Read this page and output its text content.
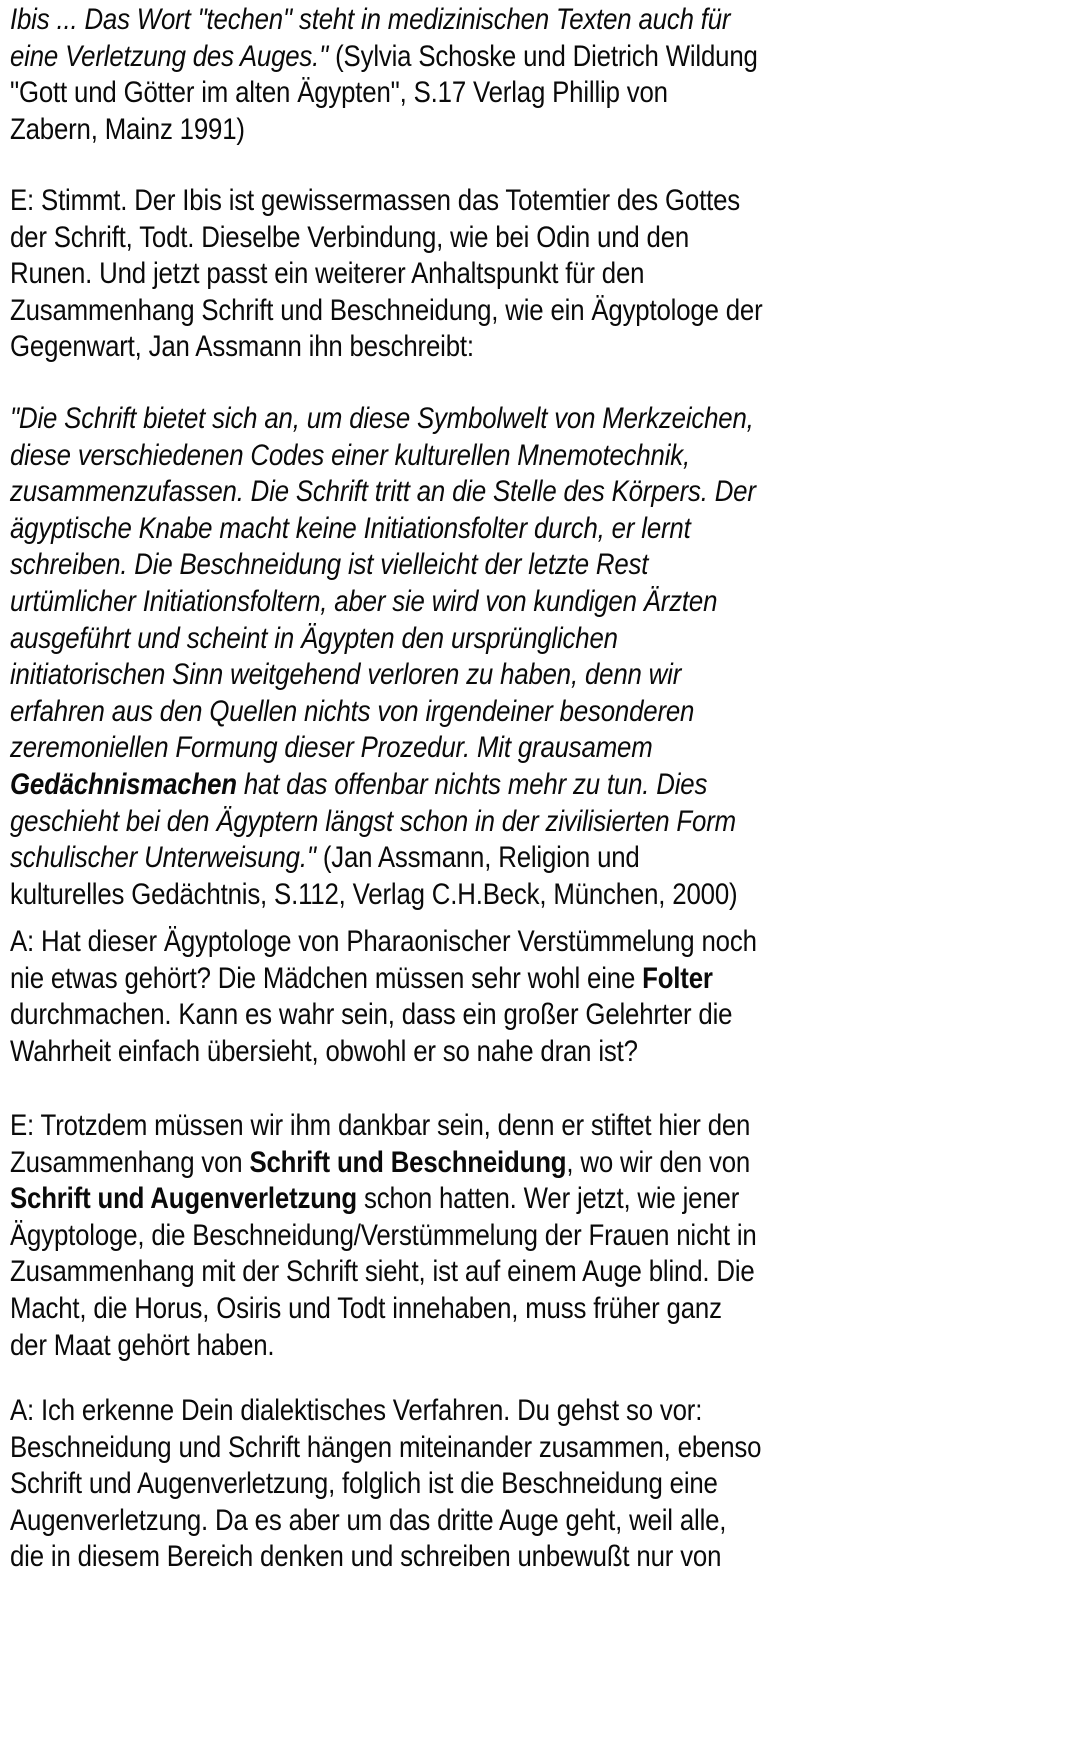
Ibis ... Das Wort "techen" steht in medizinischen Texten auch für
eine Verletzung des Auges." (Sylvia Schoske und Dietrich Wildung
"Gott und Götter im alten Ägypten", S.17 Verlag Phillip von
Zabern, Mainz 1991)
E: Stimmt. Der Ibis ist gewissermassen das Totemtier des Gottes
der Schrift, Todt. Dieselbe Verbindung, wie bei Odin und den
Runen. Und jetzt passt ein weiterer Anhaltspunkt für den
Zusammenhang Schrift und Beschneidung, wie ein Ägyptologe der
Gegenwart, Jan Assmann ihn beschreibt:
"Die Schrift bietet sich an, um diese Symbolwelt von Merkzeichen,
diese verschiedenen Codes einer kulturellen Mnemotechnik,
zusammenzufassen. Die Schrift tritt an die Stelle des Körpers. Der
ägyptische Knabe macht keine Initiationsfolter durch, er lernt
schreiben. Die Beschneidung ist vielleicht der letzte Rest
urtümlicher Initiationsfoltern, aber sie wird von kundigen Ärzten
ausgeführt und scheint in Ägypten den ursprünglichen
initiatorischen Sinn weitgehend verloren zu haben, denn wir
erfahren aus den Quellen nichts von irgendeiner besonderen
zeremoniellen Formung dieser Prozedur. Mit grausamem
Gedächnismachen hat das offenbar nichts mehr zu tun. Dies
geschieht bei den Ägyptern längst schon in der zivilisierten Form
schulischer Unterweisung." (Jan Assmann, Religion und
kulturelles Gedächtnis, S.112, Verlag C.H.Beck, München, 2000)
A: Hat dieser Ägyptologe von Pharaonischer Verstümmelung noch
nie etwas gehört? Die Mädchen müssen sehr wohl eine Folter
durchmachen. Kann es wahr sein, dass ein großer Gelehrter die
Wahrheit einfach übersieht, obwohl er so nahe dran ist?
E: Trotzdem müssen wir ihm dankbar sein, denn er stiftet hier den
Zusammenhang von Schrift und Beschneidung, wo wir den von
Schrift und Augenverletzung schon hatten. Wer jetzt, wie jener
Ägyptologe, die Beschneidung/Verstümmelung der Frauen nicht in
Zusammenhang mit der Schrift sieht, ist auf einem Auge blind. Die
Macht, die Horus, Osiris und Todt innehaben, muss früher ganz
der Maat gehört haben.
A: Ich erkenne Dein dialektisches Verfahren. Du gehst so vor:
Beschneidung und Schrift hängen miteinander zusammen, ebenso
Schrift und Augenverletzung, folglich ist die Beschneidung eine
Augenverletzung. Da es aber um das dritte Auge geht, weil alle,
die in diesem Bereich denken und schreiben unbewußt nur von
